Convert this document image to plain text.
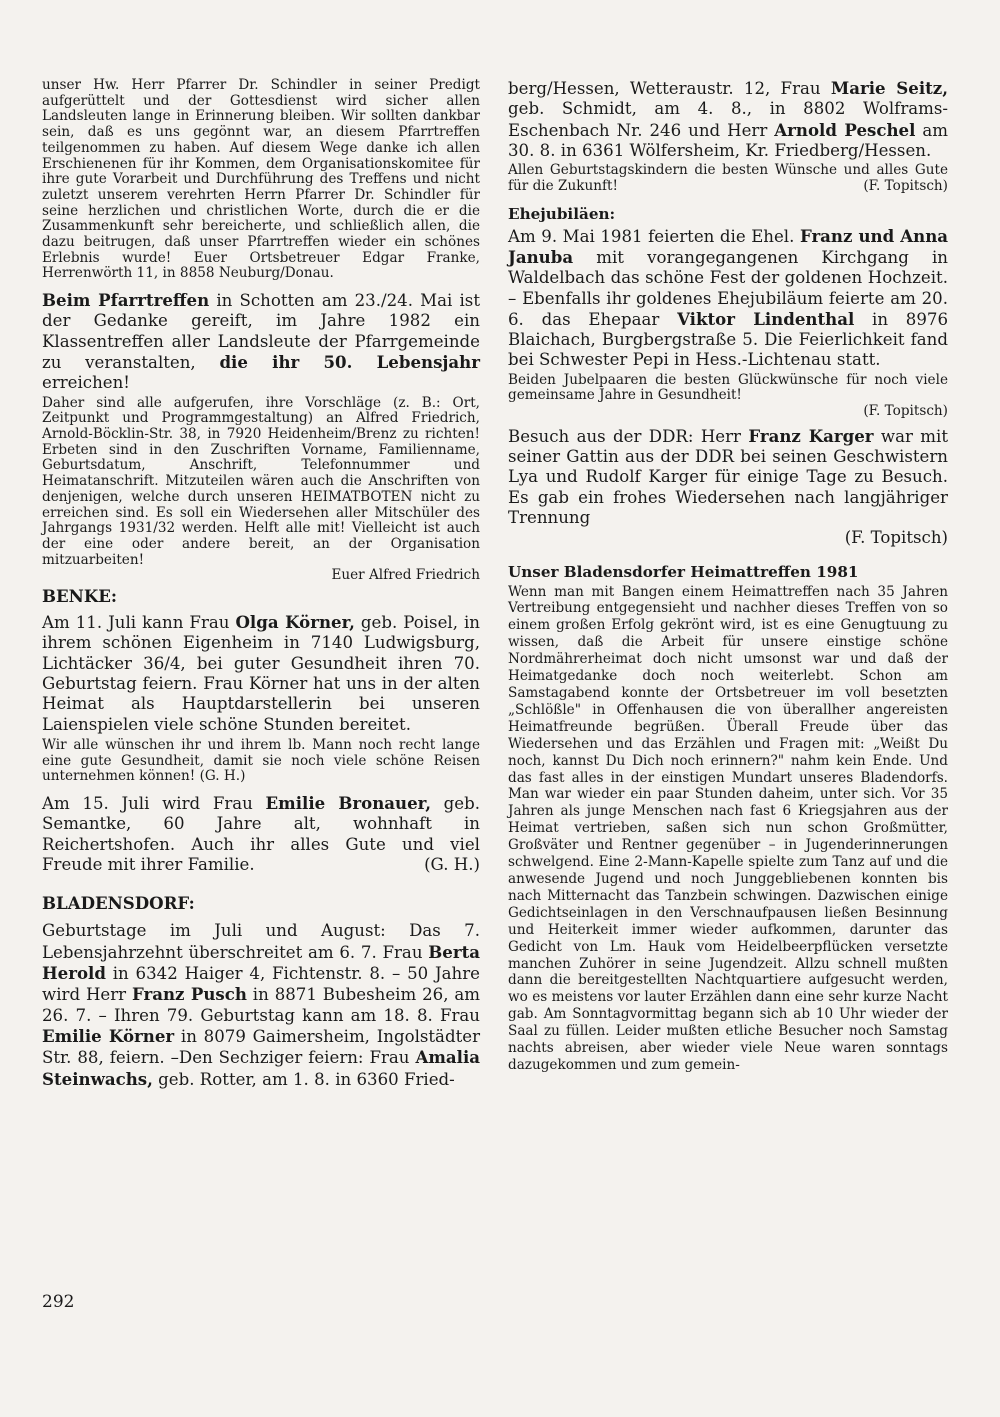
unser Hw. Herr Pfarrer Dr. Schindler in seiner Predigt aufgerüttelt und der Gottesdienst wird sicher allen Landsleuten lange in Erinnerung bleiben. Wir sollten dankbar sein, daß es uns gegönnt war, an diesem Pfarrtreffen teilgenommen zu haben. Auf diesem Wege danke ich allen Erschienenen für ihr Kommen, dem Organisationskomitee für ihre gute Vorarbeit und Durchführung des Treffens und nicht zuletzt unserem verehrten Herrn Pfarrer Dr. Schindler für seine herzlichen und christlichen Worte, durch die er die Zusammenkunft sehr bereicherte, und schließlich allen, die dazu beitrugen, daß unser Pfarrtreffen wieder ein schönes Erlebnis wurde! Euer Ortsbetreuer Edgar Franke, Herrenwörth 11, in 8858 Neuburg/Donau.

Beim Pfarrtreffen in Schotten am 23./24. Mai ist der Gedanke gereift, im Jahre 1982 ein Klassentreffen aller Landsleute der Pfarrgemeinde zu veranstalten, die ihr 50. Lebensjahr erreichen!

Daher sind alle aufgerufen, ihre Vorschläge (z. B.: Ort, Zeitpunkt und Programmgestaltung) an Alfred Friedrich, Arnold-Böcklin-Str. 38, in 7920 Heidenheim/Brenz zu richten! Erbeten sind in den Zuschriften Vorname, Familienname, Geburtsdatum, Anschrift, Telefonnummer und Heimatanschrift. Mitzuteilen wären auch die Anschriften von denjenigen, welche durch unseren HEIMATBOTEN nicht zu erreichen sind. Es soll ein Wiedersehen aller Mitschüler des Jahrgangs 1931/32 werden. Helft alle mit! Vielleicht ist auch der eine oder andere bereit, an der Organisation mitzuarbeiten!

Euer Alfred Friedrich

BENKE:

Am 11. Juli kann Frau Olga Körner, geb. Poisel, in ihrem schönen Eigenheim in 7140 Ludwigsburg, Lichtäcker 36/4, bei guter Gesundheit ihren 70. Geburtstag feiern. Frau Körner hat uns in der alten Heimat als Hauptdarstellerin bei unseren Laienspielen viele schöne Stunden bereitet.

Wir alle wünschen ihr und ihrem lb. Mann noch recht lange eine gute Gesundheit, damit sie noch viele schöne Reisen unternehmen können! (G. H.)

Am 15. Juli wird Frau Emilie Bronauer, geb. Semantke, 60 Jahre alt, wohnhaft in Reichertshofen. Auch ihr alles Gute und viel Freude mit ihrer Familie.	(G. H.)

BLADENSDORF:

Geburtstage im Juli und August: Das 7. Lebensjahrzehnt überschreitet am 6. 7. Frau Berta Herold in 6342 Haiger 4, Fichtenstr. 8. – 50 Jahre wird Herr Franz Pusch in 8871 Bubesheim 26, am 26. 7. – Ihren 79. Geburtstag kann am 18. 8. Frau Emilie Körner in 8079 Gaimersheim, Ingolstädter Str. 88, feiern. –Den Sechziger feiern: Frau Amalia Steinwachs, geb. Rotter, am 1. 8. in 6360 Fried-

berg/Hessen, Wetteraustr. 12, Frau Marie Seitz, geb. Schmidt, am 4. 8., in 8802 Wolframs-Eschenbach Nr. 246 und Herr Arnold Peschel am 30. 8. in 6361 Wölfersheim, Kr. Friedberg/Hessen.

Allen Geburtstagskindern die besten Wünsche und alles Gute für die Zukunft!	(F. Topitsch)

Ehejubiläen:

Am 9. Mai 1981 feierten die Ehel. Franz und Anna Januba mit vorangegangenen Kirchgang in Waldelbach das schöne Fest der goldenen Hochzeit. – Ebenfalls ihr goldenes Ehejubiläum feierte am 20. 6. das Ehepaar Viktor Lindenthal in 8976 Blaichach, Burgbergstraße 5. Die Feierlichkeit fand bei Schwester Pepi in Hess.-Lichtenau statt.

Beiden Jubelpaaren die besten Glückwünsche für noch viele gemeinsame Jahre in Gesundheit!

(F. Topitsch)

Besuch aus der DDR: Herr Franz Karger war mit seiner Gattin aus der DDR bei seinen Geschwistern Lya und Rudolf Karger für einige Tage zu Besuch. Es gab ein frohes Wiedersehen nach langjähriger Trennung

(F. Topitsch)

Unser Bladensdorfer Heimattreffen 1981

Wenn man mit Bangen einem Heimattreffen nach 35 Jahren Vertreibung entgegensieht und nachher dieses Treffen von so einem großen Erfolg gekrönt wird, ist es eine Genugtuung zu wissen, daß die Arbeit für unsere einstige schöne Nordmährerheimat doch nicht umsonst war und daß der Heimatgedanke doch noch weiterlebt. Schon am Samstagabend konnte der Ortsbetreuer im voll besetzten „Schlößle" in Offenhausen die von überallher angereisten Heimatfreunde begrüßen. Überall Freude über das Wiedersehen und das Erzählen und Fragen mit: „Weißt Du noch, kannst Du Dich noch erinnern?" nahm kein Ende. Und das fast alles in der einstigen Mundart unseres Bladendorfs. Man war wieder ein paar Stunden daheim, unter sich. Vor 35 Jahren als junge Menschen nach fast 6 Kriegsjahren aus der Heimat vertrieben, saßen sich nun schon Großmütter, Großväter und Rentner gegenüber – in Jugenderinnerungen schwelgend. Eine 2-Mann-Kapelle spielte zum Tanz auf und die anwesende Jugend und noch Junggebliebenen konnten bis nach Mitternacht das Tanzbein schwingen. Dazwischen einige Gedichtseinlagen in den Verschnaufpausen ließen Besinnung und Heiterkeit immer wieder aufkommen, darunter das Gedicht von Lm. Hauk vom Heidelbeerpflücken versetzte manchen Zuhörer in seine Jugendzeit. Allzu schnell mußten dann die bereitgestellten Nachtquartiere aufgesucht werden, wo es meistens vor lauter Erzählen dann eine sehr kurze Nacht gab. Am Sonntagvormittag begann sich ab 10 Uhr wieder der Saal zu füllen. Leider mußten etliche Besucher noch Samstag nachts abreisen, aber wieder viele Neue waren sonntags dazugekommen und zum gemein-

292
